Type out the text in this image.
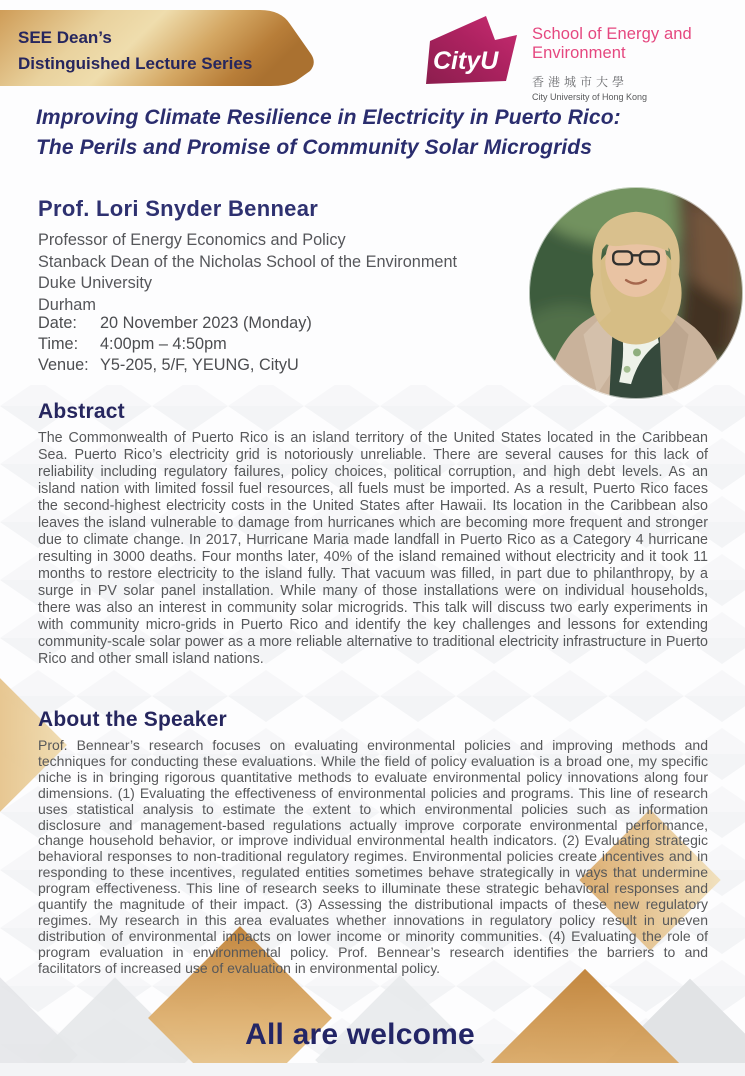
SEE Dean’s
Distinguished Lecture Series	CityU
School of Energy and Environment
香港城市大學
City University of Hong Kong
Improving Climate Resilience in Electricity in Puerto Rico:
The Perils and Promise of Community Solar Microgrids
Prof. Lori Snyder Bennear
Professor of Energy Economics and Policy
Stanback Dean of the Nicholas School of the Environment
Duke University
Durham
Date:	20 November 2023 (Monday)
Time:	4:00pm – 4:50pm
Venue: Y5-205, 5/F, YEUNG, CityU
Abstract

The Commonwealth of Puerto Rico is an island territory of the United States located in the Caribbean Sea. Puerto Rico’s electricity grid is notoriously unreliable. There are several causes for this lack of reliability including regulatory failures, policy choices, political corruption, and high debt levels. As an island nation with limited fossil fuel resources, all fuels must be imported. As a result, Puerto Rico faces the second-highest electricity costs in the United States after Hawaii. Its location in the Caribbean also leaves the island vulnerable to damage from hurricanes which are becoming more frequent and stronger due to climate change. In 2017, Hurricane Maria made landfall in Puerto Rico as a Category 4 hurricane resulting in 3000 deaths. Four months later, 40% of the island remained without electricity and it took 11 months to restore electricity to the island fully. That vacuum was filled, in part due to philanthropy, by a surge in PV solar panel installation. While many of those installations were on individual households, there was also an interest in community solar microgrids. This talk will discuss two early experiments in with community micro-grids in Puerto Rico and identify the key challenges and lessons for extending community-scale solar power as a more reliable alternative to traditional electricity infrastructure in Puerto Rico and other small island nations.

About the Speaker

Prof. Bennear’s research focuses on evaluating environmental policies and improving methods and techniques for conducting these evaluations. While the field of policy evaluation is a broad one, my specific niche is in bringing rigorous quantitative methods to evaluate environmental policy innovations along four dimensions. (1) Evaluating the effectiveness of environmental policies and programs. This line of research uses statistical analysis to estimate the extent to which environmental policies such as information disclosure and management-based regulations actually improve corporate environmental performance, change household behavior, or improve individual environmental health indicators. (2) Evaluating strategic behavioral responses to non-traditional regulatory regimes. Environmental policies create incentives and in responding to these incentives, regulated entities sometimes behave strategically in ways that undermine program effectiveness. This line of research seeks to illuminate these strategic behavioral responses and quantify the magnitude of their impact. (3) Assessing the distributional impacts of these new regulatory regimes. My research in this area evaluates whether innovations in regulatory policy result in uneven distribution of environmental impacts on lower income or minority communities. (4) Evaluating the role of program evaluation in environmental policy. Prof. Bennear’s research identifies the barriers to and facilitators of increased use of evaluation in environmental policy.

All are welcome
